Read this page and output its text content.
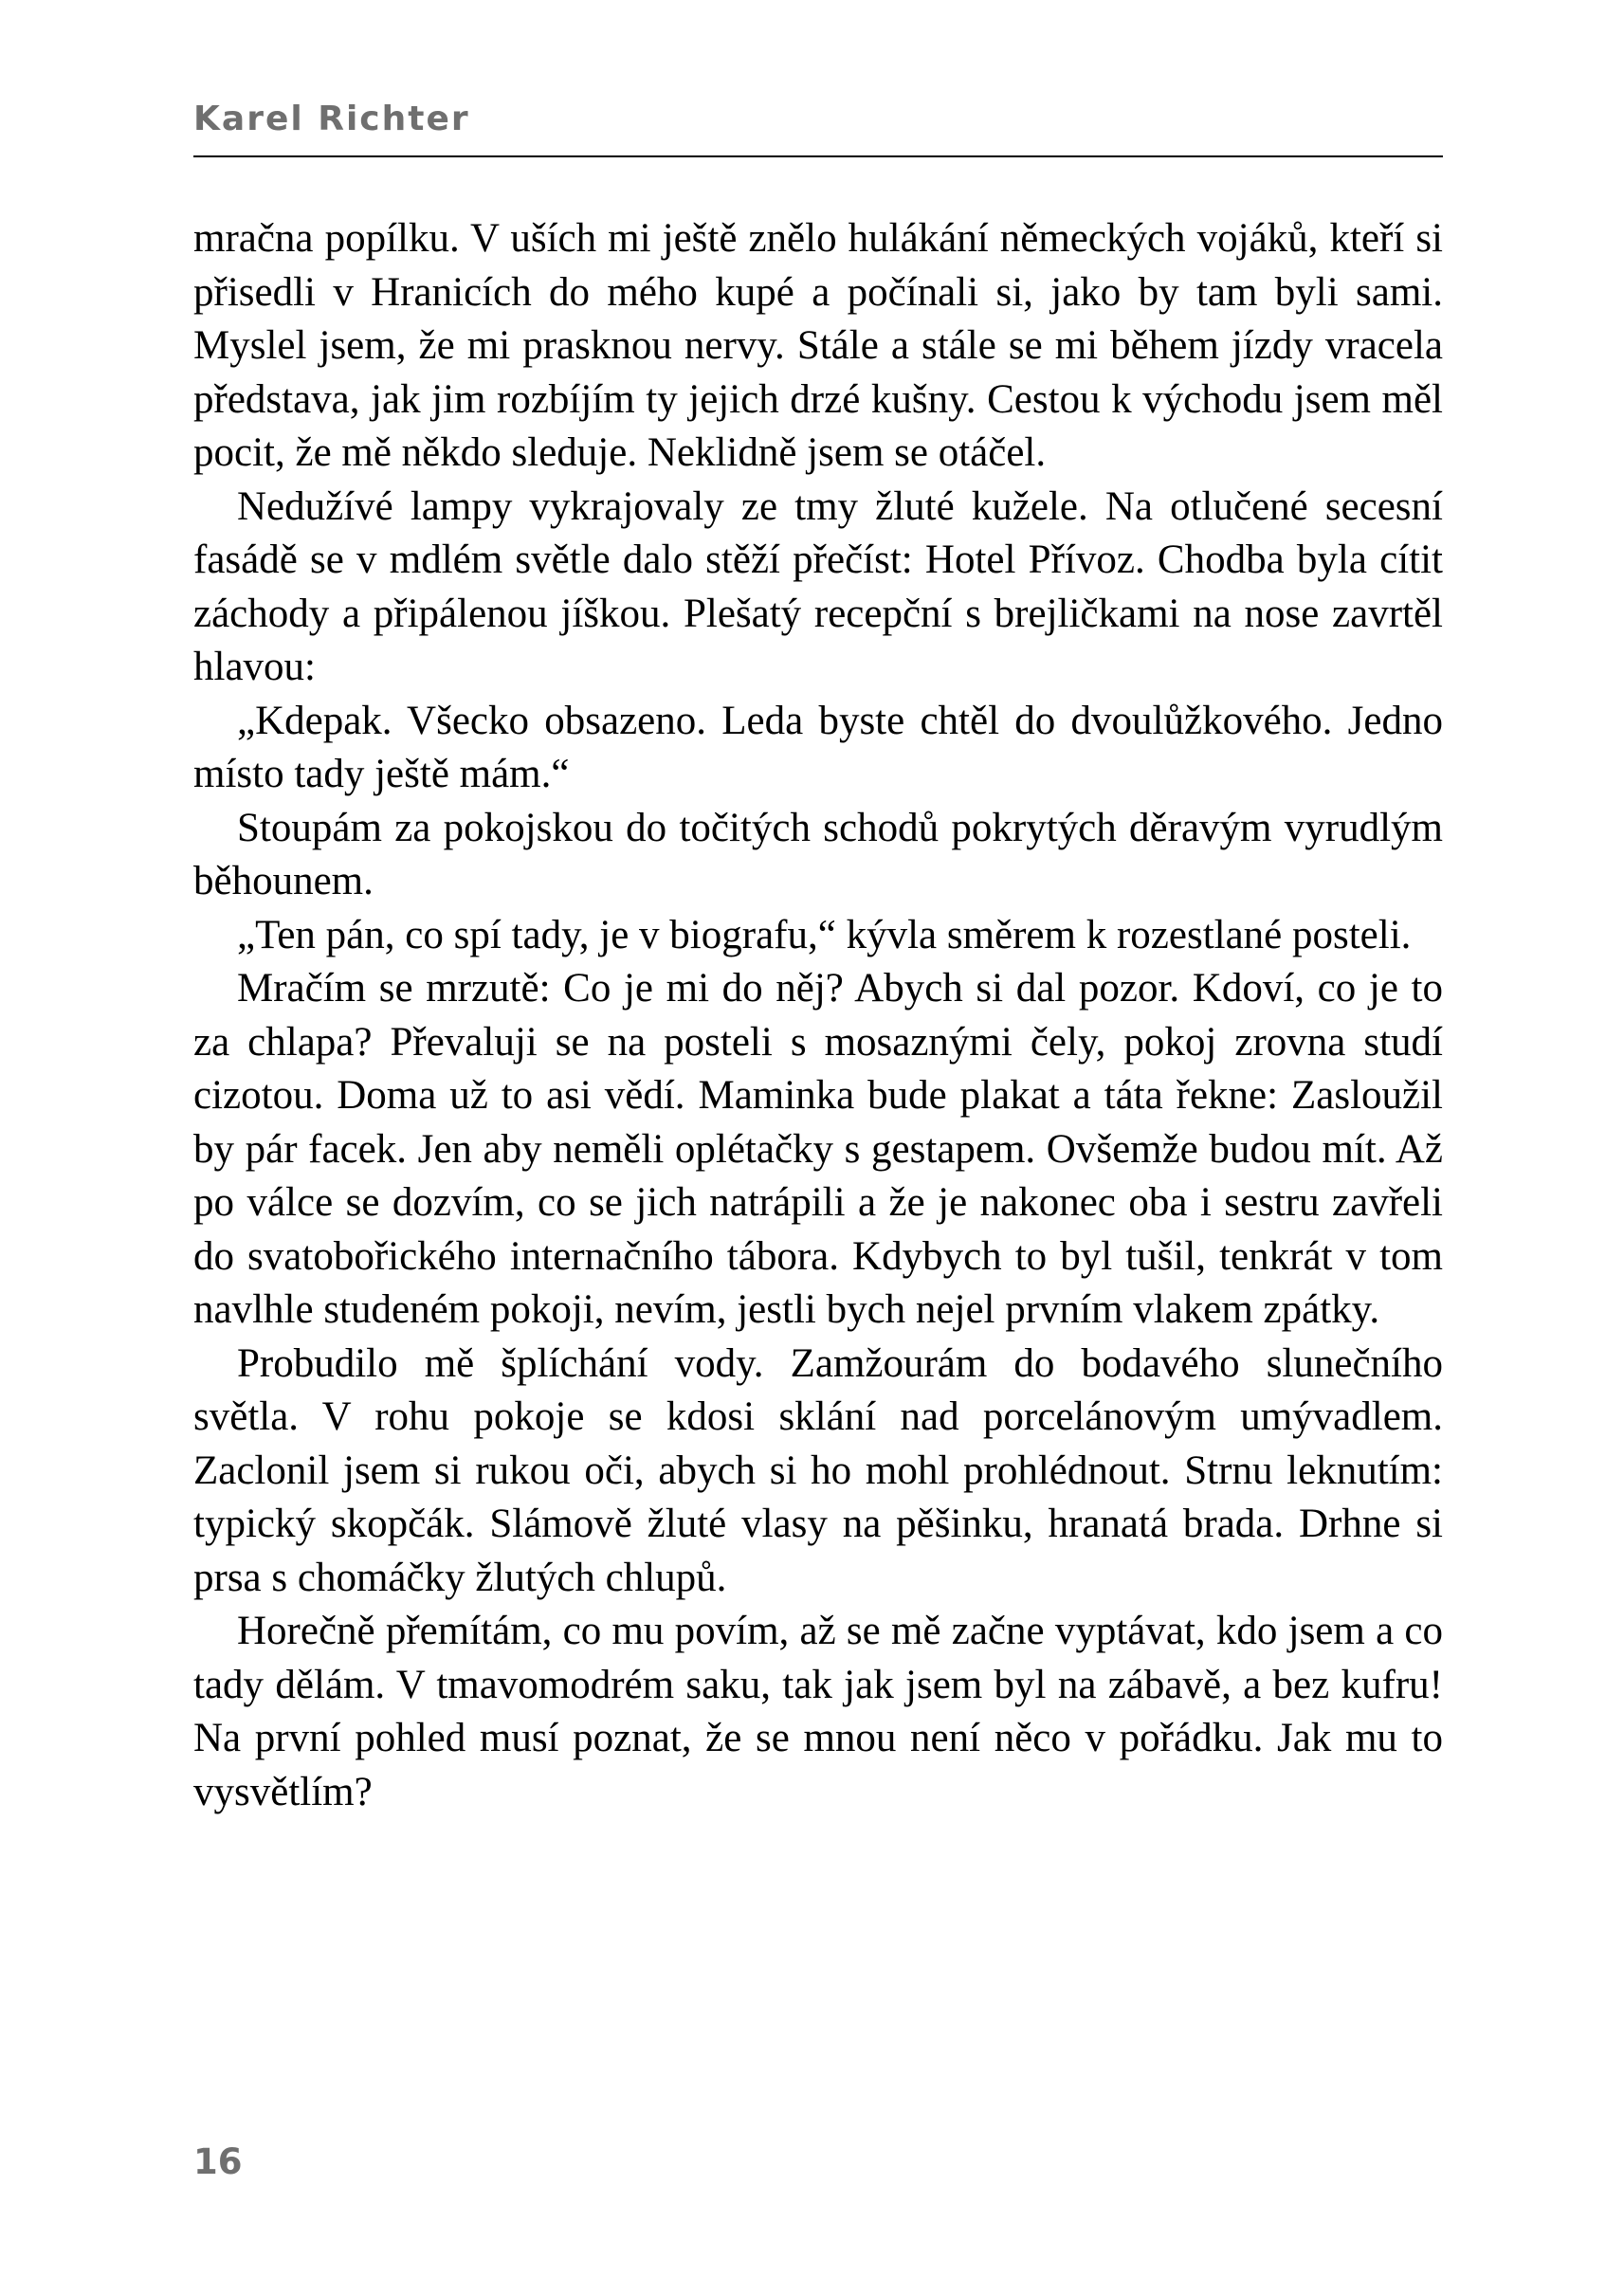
Karel Richter

mračna popílku. V uších mi ještě znělo hulákání německých vojáků, kteří si přisedli v Hranicích do mého kupé a počínali si, jako by tam byli sami. Myslel jsem, že mi prasknou nervy. Stále a stále se mi během jízdy vracela představa, jak jim rozbíjím ty jejich drzé kušny. Cestou k východu jsem měl pocit, že mě někdo sleduje. Neklidně jsem se otáčel.

Nedužívé lampy vykrajovaly ze tmy žluté kužele. Na otlučené secesní fasádě se v mdlém světle dalo stěží přečíst: Hotel Přívoz. Chodba byla cítit záchody a připálenou jíškou. Plešatý recepční s brejličkami na nose zavrtěl hlavou:

„Kdepak. Všecko obsazeno. Leda byste chtěl do dvoulůžkového. Jedno místo tady ještě mám.“

Stoupám za pokojskou do točitých schodů pokrytých děravým vyrudlým běhounem.

„Ten pán, co spí tady, je v biografu,“ kývla směrem k rozestlané posteli.

Mračím se mrzutě: Co je mi do něj? Abych si dal pozor. Kdoví, co je to za chlapa? Převaluji se na posteli s mosaznými čely, pokoj zrovna studí cizotou. Doma už to asi vědí. Maminka bude plakat a táta řekne: Zasloužil by pár facek. Jen aby neměli oplétačky s gestapem. Ovšemže budou mít. Až po válce se dozvím, co se jich natrápili a že je nakonec oba i sestru zavřeli do svatobořického internačního tábora. Kdybych to byl tušil, tenkrát v tom navlhle studeném pokoji, nevím, jestli bych nejel prvním vlakem zpátky.

Probudilo mě šplíchání vody. Zamžourám do bodavého slunečního světla. V rohu pokoje se kdosi sklání nad porcelánovým umývadlem. Zaclonil jsem si rukou oči, abych si ho mohl prohlédnout. Strnu leknutím: typický skopčák. Slámově žluté vlasy na pěšinku, hranatá brada. Drhne si prsa s chomáčky žlutých chlupů.

Horečně přemítám, co mu povím, až se mě začne vyptávat, kdo jsem a co tady dělám. V tmavomodrém saku, tak jak jsem byl na zábavě, a bez kufru! Na první pohled musí poznat, že se mnou není něco v pořádku. Jak mu to vysvětlím?

16
